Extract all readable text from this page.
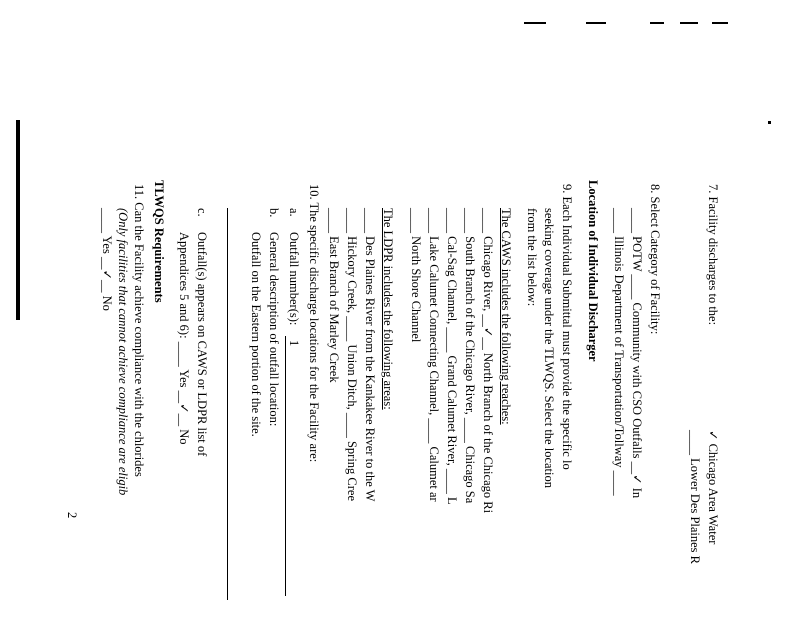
7. Facility discharges to the:
✓ Chicago Area Water
____ Lower Des Plaines R
8. Select Category of Facility:
____ POTW ____ Community with CSO Outfalls __✓ In
____ Illinois Department of Transportation/Tollway ____
Location of Individual Discharger
9. Each Individual Submittal must provide the specific lo
seeking coverage under the TLWQS. Select the location
from the list below:
The CAWS includes the following reaches:
____ Chicago River, __✓__ North Branch of the Chicago Ri
____ South Branch of the Chicago River, ____ Chicago Sa
____ Cal-Sag Channel, ____ Grand Calumet River, ____ L
____ Lake Calumet Connecting Channel, ____ Calumet ar
____ North Shore Channel
The LDPR includes the following areas:
____ Des Plaines River from the Kankakee River to the W
____ Hickory Creek, ____ Union Ditch, ____ Spring Cree
____ East Branch of Marley Creek
10. The specific discharge locations for the Facility are:
a.
Outfall number(s):
1
b.
General description of outfall location:
Outfall on the Eastern portion of the site.
c.
Outfall(s) appears on CAWS or LDPR list of
Appendices 5 and 6): ____ Yes __✓__ No
TLWQS Requirements
11. Can the Facility achieve compliance with the chlorides
(Only facilities that cannot achieve compliance are eligib
____ Yes __✓__ No
2
